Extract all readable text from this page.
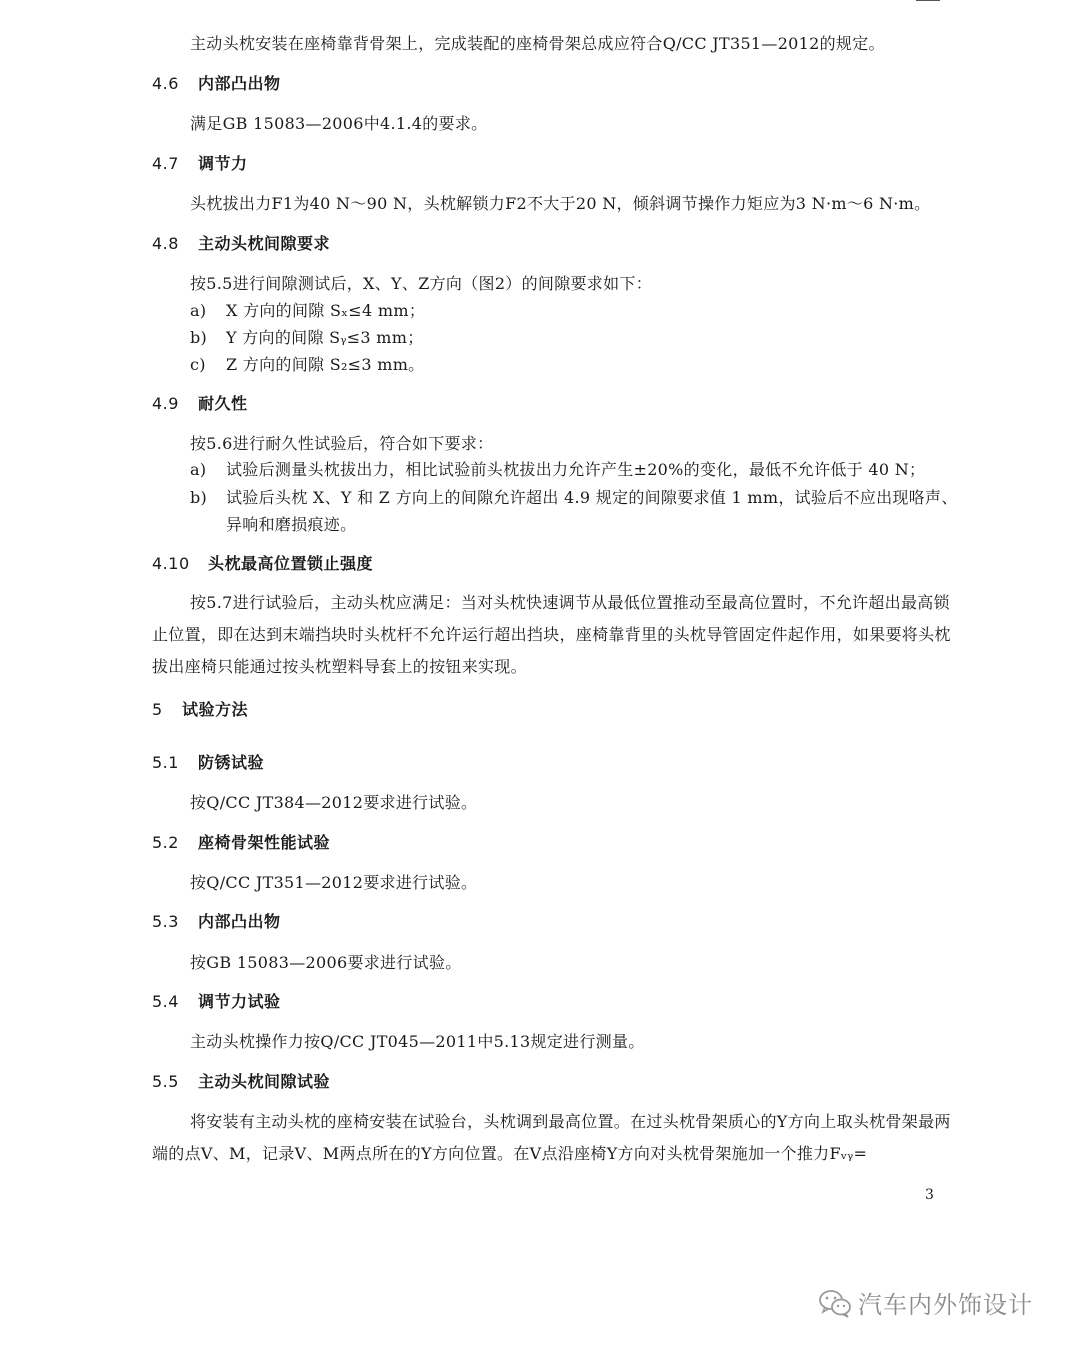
主动头枕安装在座椅靠背骨架上，完成装配的座椅骨架总成应符合Q/CC JT351—2012的规定。
4.6 内部凸出物
满足GB 15083—2006中4.1.4的要求。
4.7 调节力
头枕拔出力F1为40 N～90 N，头枕解锁力F2不大于20 N，倾斜调节操作力矩应为3 N·m～6 N·m。
4.8 主动头枕间隙要求
按5.5进行间隙测试后，X、Y、Z方向（图2）的间隙要求如下：
a) X 方向的间隙 Sₓ≤4 mm；
b) Y 方向的间隙 Sᵧ≤3 mm；
c) Z 方向的间隙 S₂≤3 mm。
4.9 耐久性
按5.6进行耐久性试验后，符合如下要求：
a) 试验后测量头枕拔出力，相比试验前头枕拔出力允许产生±20%的变化，最低不允许低于 40 N；
b) 试验后头枕 X、Y 和 Z 方向上的间隙允许超出 4.9 规定的间隙要求值 1 mm，试验后不应出现咯声、异响和磨损痕迹。
4.10 头枕最高位置锁止强度
按5.7进行试验后，主动头枕应满足：当对头枕快速调节从最低位置推动至最高位置时，不允许超出最高锁止位置，即在达到末端挡块时头枕杆不允许运行超出挡块，座椅靠背里的头枕导管固定件起作用，如果要将头枕拔出座椅只能通过按头枕塑料导套上的按钮来实现。
5 试验方法
5.1 防锈试验
按Q/CC JT384—2012要求进行试验。
5.2 座椅骨架性能试验
按Q/CC JT351—2012要求进行试验。
5.3 内部凸出物
按GB 15083—2006要求进行试验。
5.4 调节力试验
主动头枕操作力按Q/CC JT045—2011中5.13规定进行测量。
5.5 主动头枕间隙试验
将安装有主动头枕的座椅安装在试验台，头枕调到最高位置。在过头枕骨架质心的Y方向上取头枕骨架最两端的点V、M，记录V、M两点所在的Y方向位置。在V点沿座椅Y方向对头枕骨架施加一个推力Fᵥᵧ=
3
汽车内外饰设计
